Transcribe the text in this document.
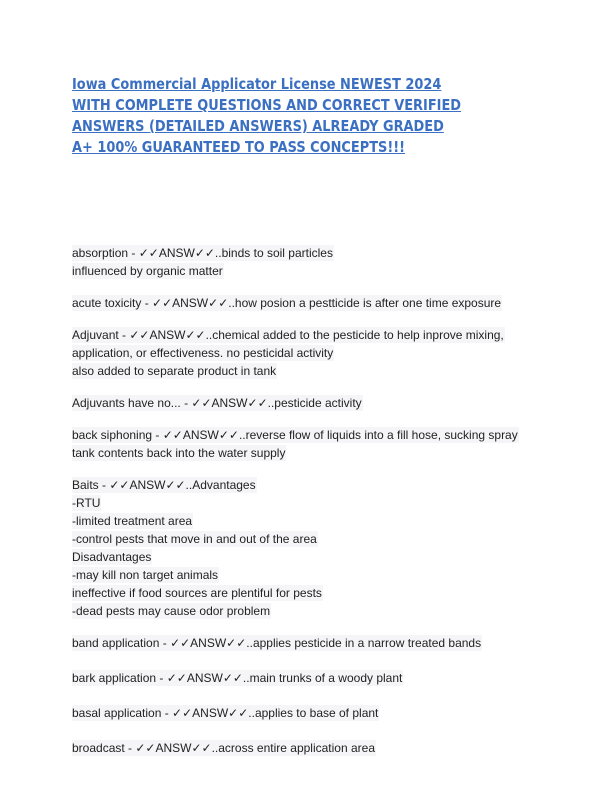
Iowa Commercial Applicator License NEWEST 2024 WITH COMPLETE QUESTIONS AND CORRECT VERIFIED ANSWERS (DETAILED ANSWERS) ALREADY GRADED A+ 100% GUARANTEED TO PASS CONCEPTS!!!
absorption - ✓✓ANSW✓✓..binds to soil particles
influenced by organic matter
acute toxicity - ✓✓ANSW✓✓..how posion a pestticide is after one time exposure
Adjuvant - ✓✓ANSW✓✓..chemical added to the pesticide to help inprove mixing,
application, or effectiveness. no pesticidal activity
also added to separate product in tank
Adjuvants have no... - ✓✓ANSW✓✓..pesticide activity
back siphoning - ✓✓ANSW✓✓..reverse flow of liquids into a fill hose, sucking spray
tank contents back into the water supply
Baits - ✓✓ANSW✓✓..Advantages
-RTU
-limited treatment area
-control pests that move in and out of the area
Disadvantages
-may kill non target animals
ineffective if food sources are plentiful for pests
-dead pests may cause odor problem
band application - ✓✓ANSW✓✓..applies pesticide in a narrow treated bands
bark application - ✓✓ANSW✓✓..main trunks of a woody plant
basal application - ✓✓ANSW✓✓..applies to base of plant
broadcast - ✓✓ANSW✓✓..across entire application area
